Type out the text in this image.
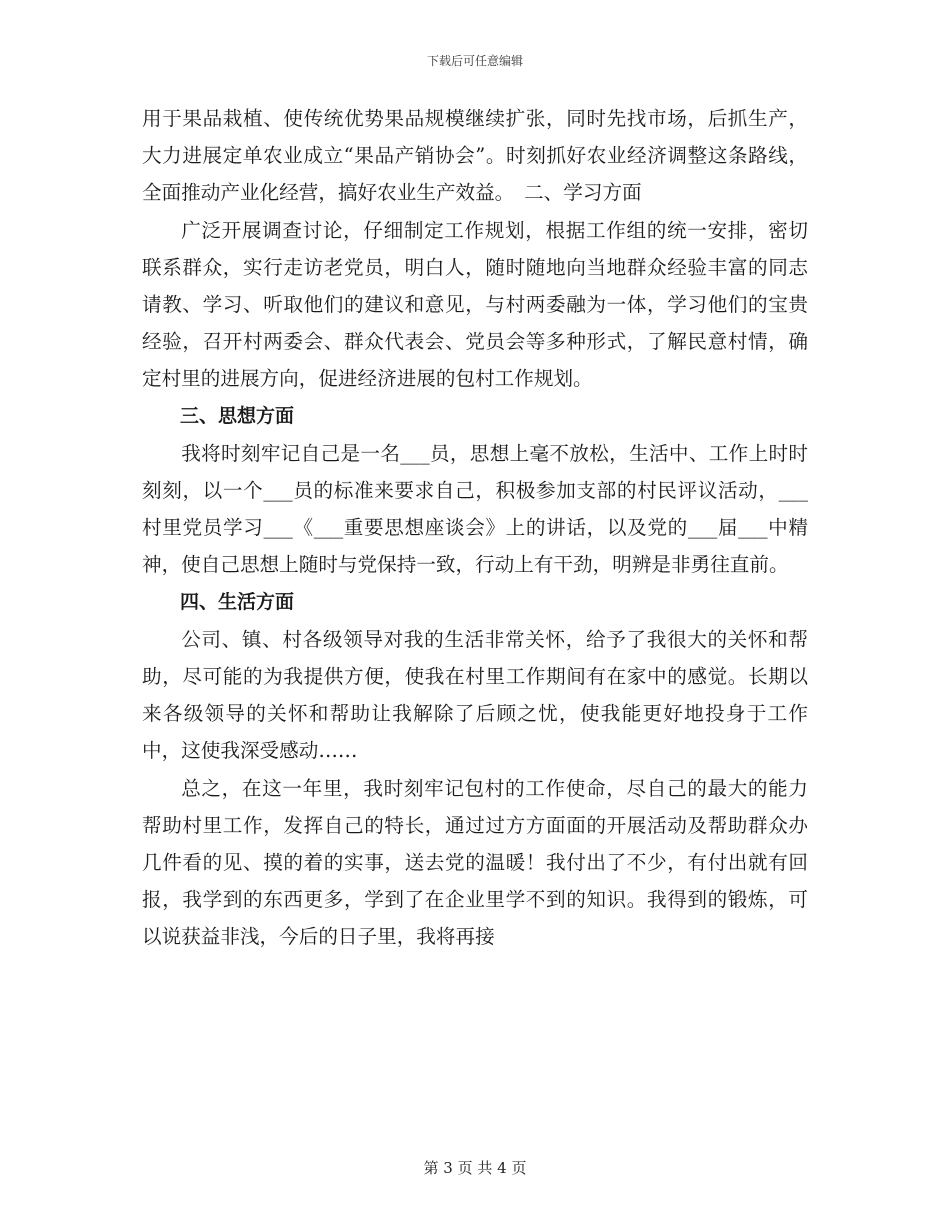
下载后可任意编辑

用于果品栽植、使传统优势果品规模继续扩张，同时先找市场，后抓生产，大力进展定单农业成立“果品产销协会”。时刻抓好农业经济调整这条路线，全面推动产业化经营，搞好农业生产效益。　二、学习方面

广泛开展调查讨论，仔细制定工作规划，根据工作组的统一安排，密切联系群众，实行走访老党员，明白人，随时随地向当地群众经验丰富的同志请教、学习、听取他们的建议和意见，与村两委融为一体，学习他们的宝贵经验，召开村两委会、群众代表会、党员会等多种形式，了解民意村情，确定村里的进展方向，促进经济进展的包村工作规划。

三、思想方面

我将时刻牢记自己是一名___员，思想上毫不放松，生活中、工作上时时刻刻，以一个___员的标准来要求自己，积极参加支部的村民评议活动，___村里党员学习___《___重要思想座谈会》上的讲话，以及党的___届___中精神，使自己思想上随时与党保持一致，行动上有干劲，明辨是非勇往直前。

四、生活方面

公司、镇、村各级领导对我的生活非常关怀，给予了我很大的关怀和帮助，尽可能的为我提供方便，使我在村里工作期间有在家中的感觉。长期以来各级领导的关怀和帮助让我解除了后顾之忧，使我能更好地投身于工作中，这使我深受感动……

总之，在这一年里，我时刻牢记包村的工作使命，尽自己的最大的能力帮助村里工作，发挥自己的特长，通过过方方面面的开展活动及帮助群众办几件看的见、摸的着的实事，送去党的温暖！我付出了不少，有付出就有回报，我学到的东西更多，学到了在企业里学不到的知识。我得到的锻炼，可以说获益非浅，今后的日子里，我将再接

第 3 页 共 4 页
